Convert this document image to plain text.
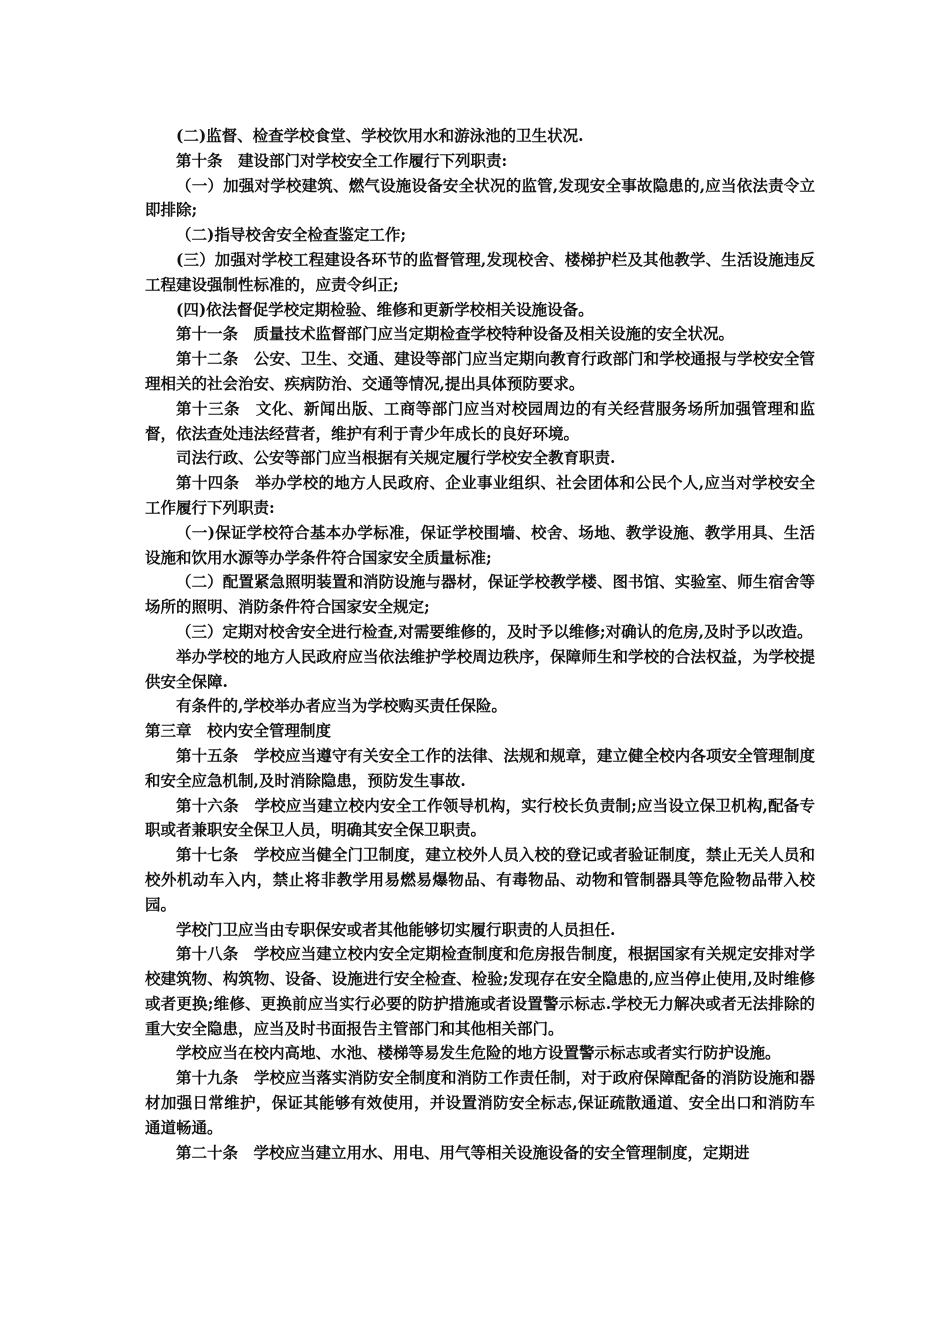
(二)监督、检查学校食堂、学校饮用水和游泳池的卫生状况.

第十条　建设部门对学校安全工作履行下列职责:

（一）加强对学校建筑、燃气设施设备安全状况的监管,发现安全事故隐患的,应当依法责令立即排除;

（二)指导校舍安全检查鉴定工作;

(三）加强对学校工程建设各环节的监督管理,发现校舍、楼梯护栏及其他教学、生活设施违反工程建设强制性标准的，应责令纠正;

(四)依法督促学校定期检验、维修和更新学校相关设施设备。

第十一条　质量技术监督部门应当定期检查学校特种设备及相关设施的安全状况。

第十二条　公安、卫生、交通、建设等部门应当定期向教育行政部门和学校通报与学校安全管理相关的社会治安、疾病防治、交通等情况,提出具体预防要求。

第十三条　文化、新闻出版、工商等部门应当对校园周边的有关经营服务场所加强管理和监督，依法查处违法经营者，维护有利于青少年成长的良好环境。

司法行政、公安等部门应当根据有关规定履行学校安全教育职责.

第十四条　举办学校的地方人民政府、企业事业组织、社会团体和公民个人,应当对学校安全工作履行下列职责:

（一)保证学校符合基本办学标准，保证学校围墙、校舍、场地、教学设施、教学用具、生活设施和饮用水源等办学条件符合国家安全质量标准;

（二）配置紧急照明装置和消防设施与器材，保证学校教学楼、图书馆、实验室、师生宿舍等场所的照明、消防条件符合国家安全规定;

（三）定期对校舍安全进行检查,对需要维修的，及时予以维修;对确认的危房,及时予以改造。

举办学校的地方人民政府应当依法维护学校周边秩序，保障师生和学校的合法权益，为学校提供安全保障.

有条件的,学校举办者应当为学校购买责任保险。

第三章　校内安全管理制度

第十五条　学校应当遵守有关安全工作的法律、法规和规章，建立健全校内各项安全管理制度和安全应急机制,及时消除隐患，预防发生事故.

第十六条　学校应当建立校内安全工作领导机构，实行校长负责制;应当设立保卫机构,配备专职或者兼职安全保卫人员，明确其安全保卫职责。

第十七条　学校应当健全门卫制度，建立校外人员入校的登记或者验证制度，禁止无关人员和校外机动车入内，禁止将非教学用易燃易爆物品、有毒物品、动物和管制器具等危险物品带入校园。

学校门卫应当由专职保安或者其他能够切实履行职责的人员担任.

第十八条　学校应当建立校内安全定期检查制度和危房报告制度，根据国家有关规定安排对学校建筑物、构筑物、设备、设施进行安全检查、检验;发现存在安全隐患的,应当停止使用,及时维修或者更换;维修、更换前应当实行必要的防护措施或者设置警示标志.学校无力解决或者无法排除的重大安全隐患，应当及时书面报告主管部门和其他相关部门。

学校应当在校内高地、水池、楼梯等易发生危险的地方设置警示标志或者实行防护设施。

第十九条　学校应当落实消防安全制度和消防工作责任制，对于政府保障配备的消防设施和器材加强日常维护，保证其能够有效使用，并设置消防安全标志,保证疏散通道、安全出口和消防车通道畅通。

第二十条　学校应当建立用水、用电、用气等相关设施设备的安全管理制度，定期进
